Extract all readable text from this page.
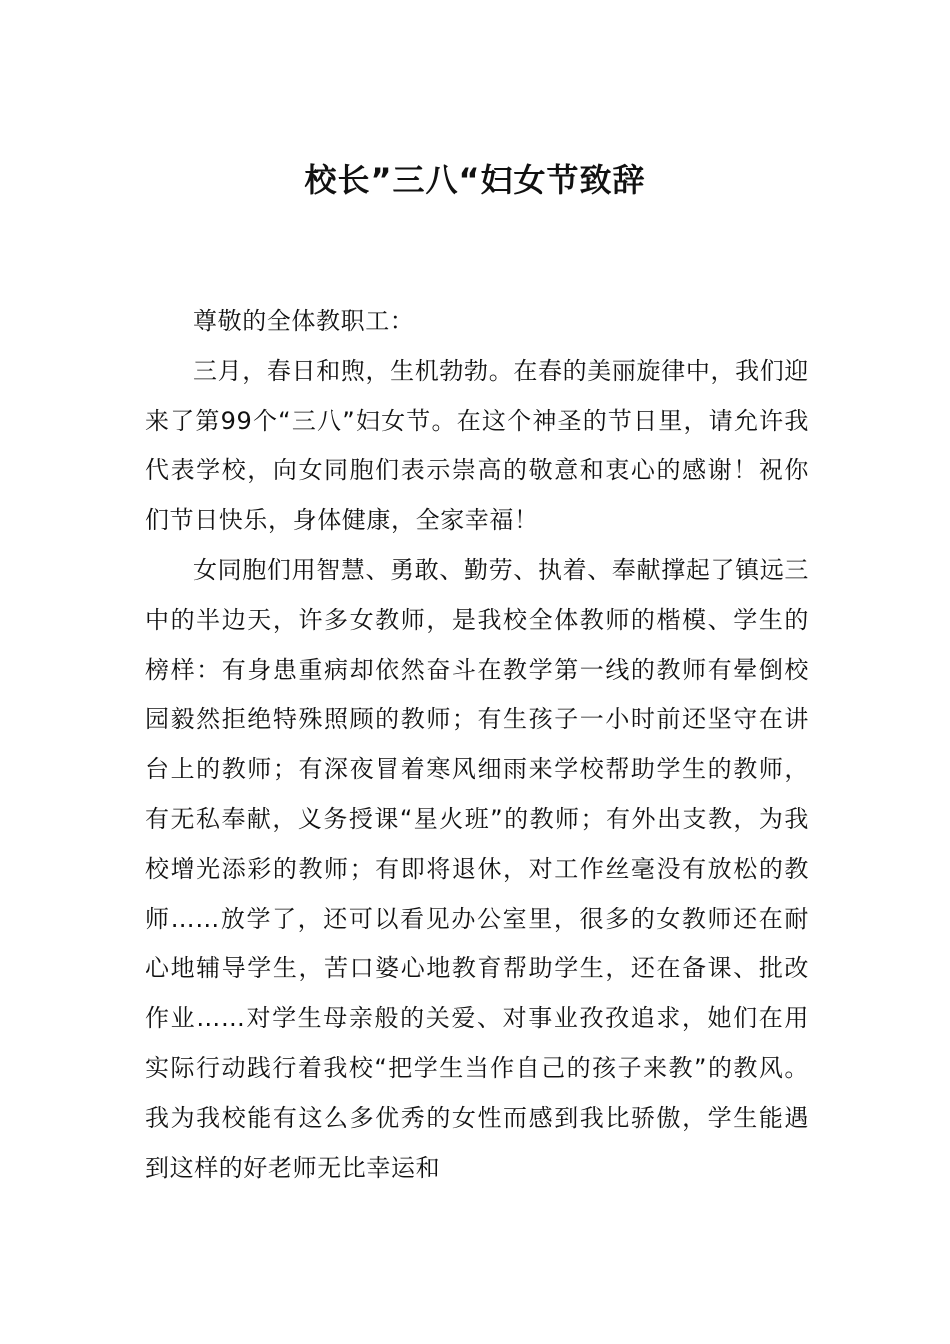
校长”三八“妇女节致辞

尊敬的全体教职工：

三月，春日和煦，生机勃勃。在春的美丽旋律中，我们迎来了第99个“三八”妇女节。在这个神圣的节日里，请允许我代表学校，向女同胞们表示崇高的敬意和衷心的感谢！祝你们节日快乐，身体健康，全家幸福！

女同胞们用智慧、勇敢、勤劳、执着、奉献撑起了镇远三中的半边天，许多女教师，是我校全体教师的楷模、学生的榜样：有身患重病却依然奋斗在教学第一线的教师有晕倒校园毅然拒绝特殊照顾的教师；有生孩子一小时前还坚守在讲台上的教师；有深夜冒着寒风细雨来学校帮助学生的教师，有无私奉献，义务授课“星火班”的教师；有外出支教，为我校增光添彩的教师；有即将退休，对工作丝毫没有放松的教师……放学了，还可以看见办公室里，很多的女教师还在耐心地辅导学生，苦口婆心地教育帮助学生，还在备课、批改作业……对学生母亲般的关爱、对事业孜孜追求，她们在用实际行动践行着我校“把学生当作自己的孩子来教”的教风。我为我校能有这么多优秀的女性而感到我比骄傲，学生能遇到这样的好老师无比幸运和
